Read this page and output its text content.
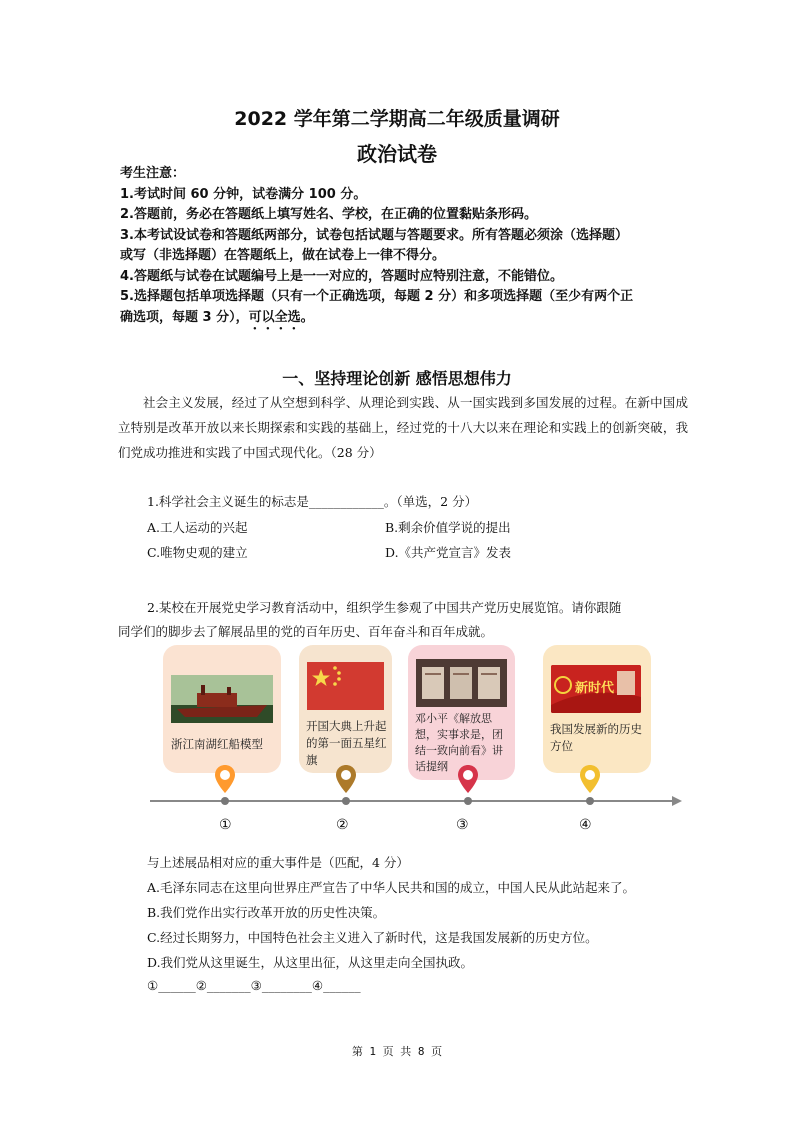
2022 学年第二学期高二年级质量调研
政治试卷
考生注意：
1.考试时间 60 分钟，试卷满分 100 分。
2.答题前，务必在答题纸上填写姓名、学校，在正确的位置黏贴条形码。
3.本考试设试卷和答题纸两部分，试卷包括试题与答题要求。所有答题必须涂（选择题）
或写（非选择题）在答题纸上，做在试卷上一律不得分。
4.答题纸与试卷在试题编号上是一一对应的，答题时应特别注意，不能错位。
5.选择题包括单项选择题（只有一个正确选项，每题 2 分）和多项选择题（至少有两个正
确选项，每题 3 分），可以全选。
一、坚持理论创新 感悟思想伟力
社会主义发展，经过了从空想到科学、从理论到实践、从一国实践到多国发展的过程。在新中国成立特别是改革开放以来长期探索和实践的基础上，经过党的十八大以来在理论和实践上的创新突破，我们党成功推进和实践了中国式现代化。（28 分）
1.科学社会主义诞生的标志是____________。（单选，2 分）
A.工人运动的兴起	B.剩余价值学说的提出
C.唯物史观的建立	D.《共产党宣言》发表
2.某校在开展党史学习教育活动中，组织学生参观了中国共产党历史展览馆。请你跟随
同学们的脚步去了解展品里的党的百年历史、百年奋斗和百年成就。
浙江南湖红船模型
开国大典上升起的第一面五星红旗
邓小平《解放思想，实事求是，团结一致向前看》讲话提纲
新时代
我国发展新的历史方位
①	②	③	④
与上述展品相对应的重大事件是（匹配，4 分）
A.毛泽东同志在这里向世界庄严宣告了中华人民共和国的成立，中国人民从此站起来了。
B.我们党作出实行改革开放的历史性决策。
C.经过长期努力，中国特色社会主义进入了新时代，这是我国发展新的历史方位。
D.我们党从这里诞生，从这里出征，从这里走向全国执政。
①______②_______③________④______
第 1 页 共 8 页
